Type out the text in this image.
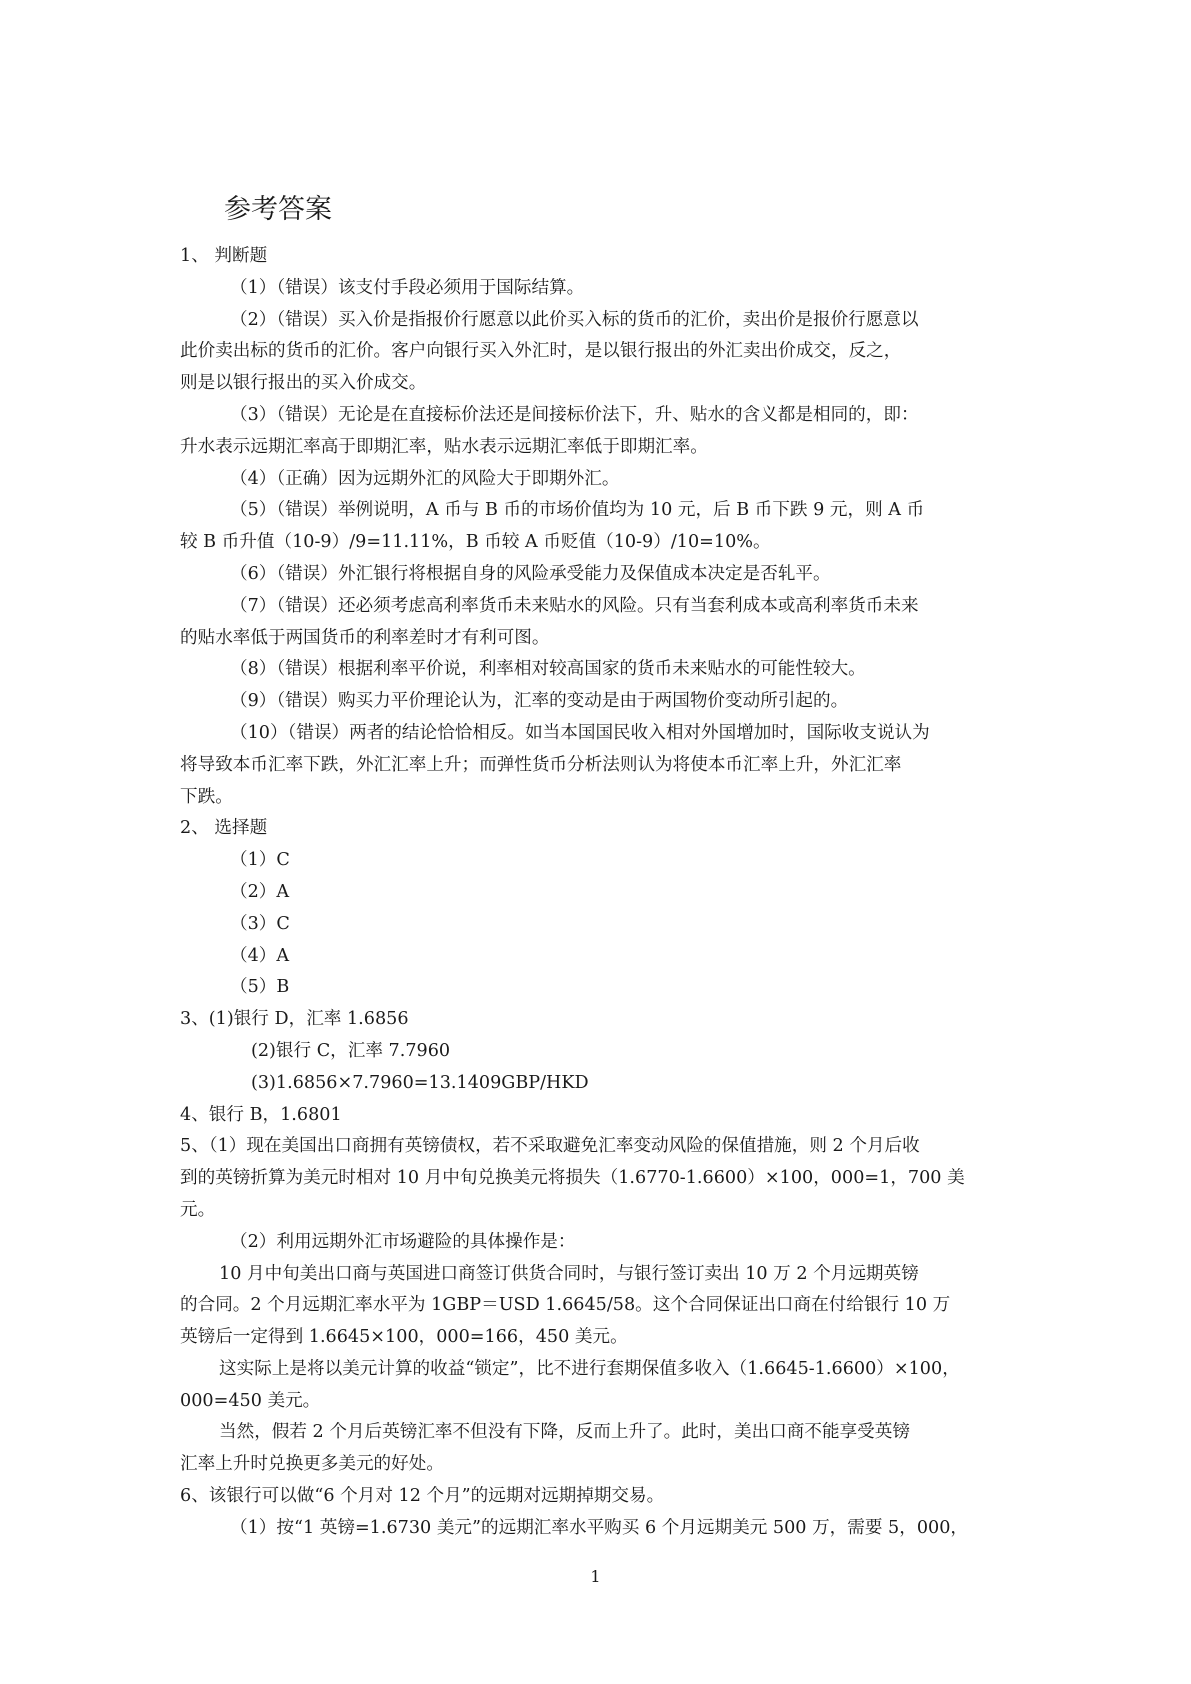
参考答案

1、 判断题

（1）（错误）该支付手段必须用于国际结算。

（2）（错误）买入价是指报价行愿意以此价买入标的货币的汇价，卖出价是报价行愿意以

此价卖出标的货币的汇价。客户向银行买入外汇时，是以银行报出的外汇卖出价成交，反之，

则是以银行报出的买入价成交。

（3）（错误）无论是在直接标价法还是间接标价法下，升、贴水的含义都是相同的，即：

升水表示远期汇率高于即期汇率，贴水表示远期汇率低于即期汇率。

（4）（正确）因为远期外汇的风险大于即期外汇。

（5）（错误）举例说明，A 币与 B 币的市场价值均为 10 元，后 B 币下跌 9 元，则 A 币

较 B 币升值（10-9）/9=11.11%，B 币较 A 币贬值（10-9）/10=10%。

（6）（错误）外汇银行将根据自身的风险承受能力及保值成本决定是否轧平。

（7）（错误）还必须考虑高利率货币未来贴水的风险。只有当套利成本或高利率货币未来

的贴水率低于两国货币的利率差时才有利可图。

（8）（错误）根据利率平价说，利率相对较高国家的货币未来贴水的可能性较大。

（9）（错误）购买力平价理论认为，汇率的变动是由于两国物价变动所引起的。

（10）（错误）两者的结论恰恰相反。如当本国国民收入相对外国增加时，国际收支说认为

将导致本币汇率下跌，外汇汇率上升；而弹性货币分析法则认为将使本币汇率上升，外汇汇率

下跌。

2、 选择题

（1）C

（2）A

（3）C

（4）A

（5）B

3、(1)银行 D，汇率 1.6856

(2)银行 C，汇率 7.7960

(3)1.6856×7.7960=13.1409GBP/HKD

4、银行 B，1.6801

5、（1）现在美国出口商拥有英镑债权，若不采取避免汇率变动风险的保值措施，则 2 个月后收

到的英镑折算为美元时相对 10 月中旬兑换美元将损失（1.6770-1.6600）×100，000=1，700 美

元。

（2）利用远期外汇市场避险的具体操作是：

10 月中旬美出口商与英国进口商签订供货合同时，与银行签订卖出 10 万 2 个月远期英镑

的合同。2 个月远期汇率水平为 1GBP＝USD 1.6645/58。这个合同保证出口商在付给银行 10 万

英镑后一定得到 1.6645×100，000=166，450 美元。

这实际上是将以美元计算的收益“锁定”，比不进行套期保值多收入（1.6645-1.6600）×100，

000=450 美元。

当然，假若 2 个月后英镑汇率不但没有下降，反而上升了。此时，美出口商不能享受英镑

汇率上升时兑换更多美元的好处。

6、该银行可以做“6 个月对 12 个月”的远期对远期掉期交易。

（1）按“1 英镑=1.6730 美元”的远期汇率水平购买 6 个月远期美元 500 万，需要 5，000，

1
